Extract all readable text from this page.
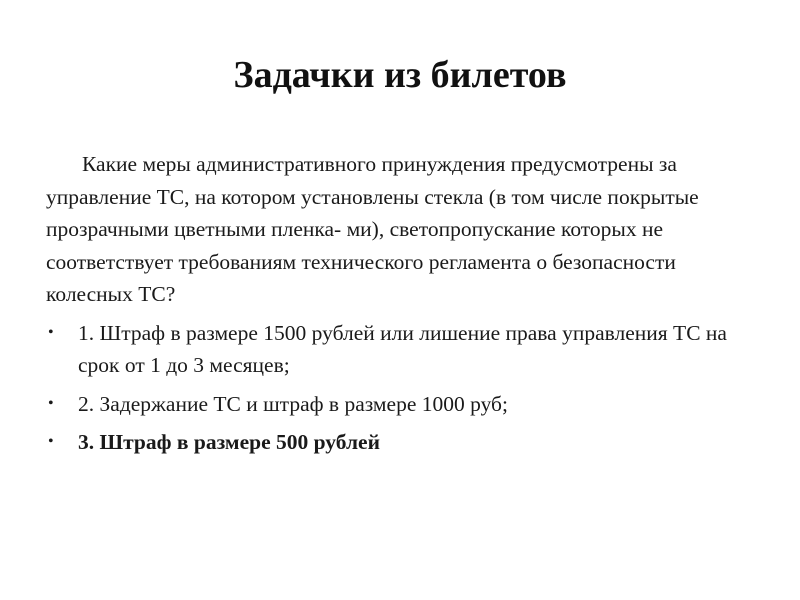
Задачки из билетов

Какие меры административного принуждения предусмотрены за управление ТС, на котором установлены стекла (в том числе покрытые прозрачными цветными пленка- ми), светопропускание которых не соответствует требованиям технического регламента о безопасности колесных ТС?

• 1. Штраф в размере 1500 рублей или лишение права управления ТС на срок от 1 до 3 месяцев;
• 2. Задержание ТС и штраф в размере 1000 руб;
• 3. Штраф в размере 500 рублей
